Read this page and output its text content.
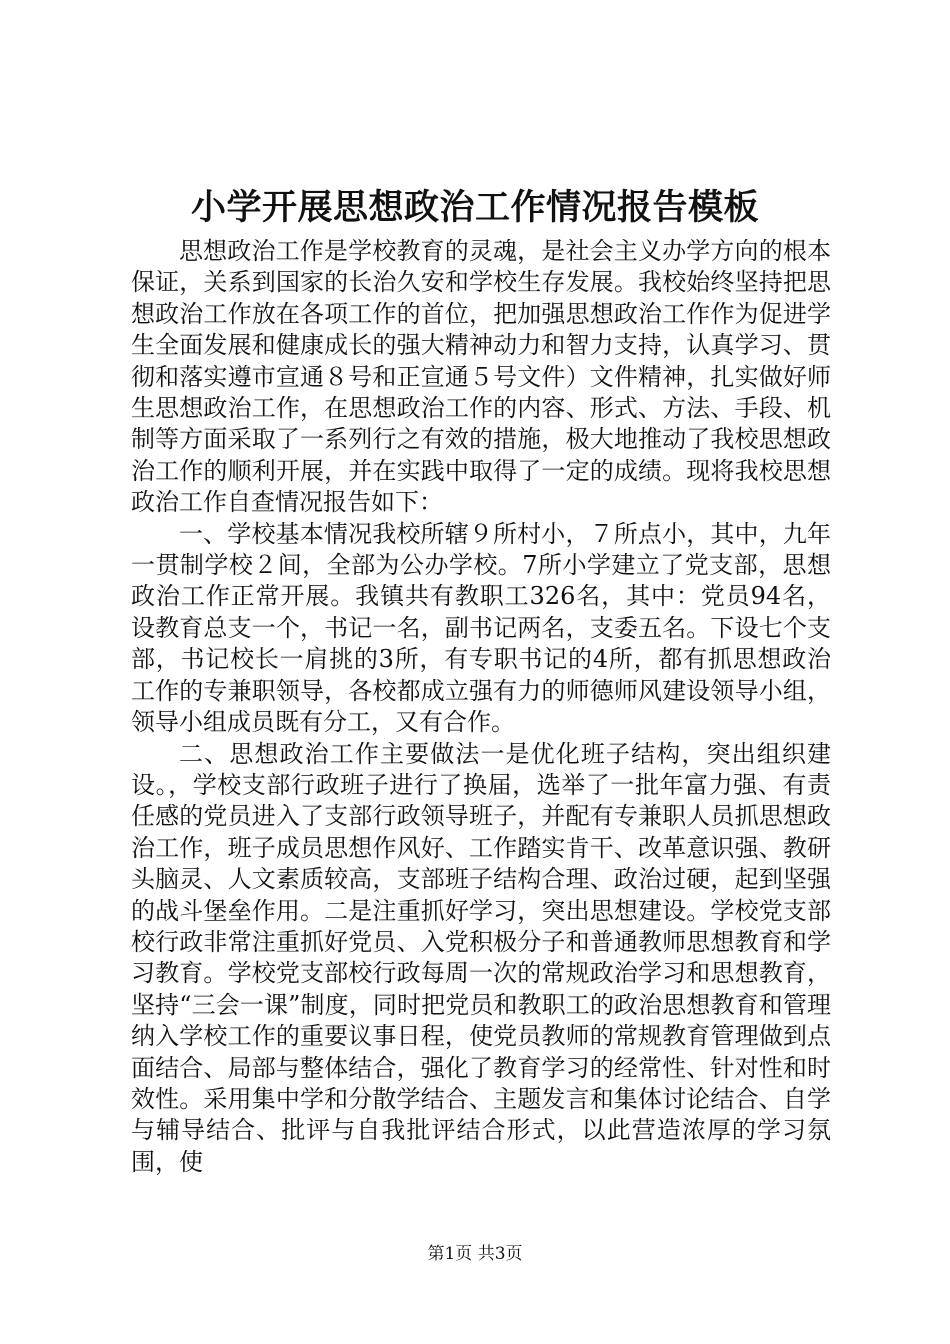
小学开展思想政治工作情况报告模板

思想政治工作是学校教育的灵魂，是社会主义办学方向的根本保证，关系到国家的长治久安和学校生存发展。我校始终坚持把思想政治工作放在各项工作的首位，把加强思想政治工作作为促进学生全面发展和健康成长的强大精神动力和智力支持，认真学习、贯彻和落实遵市宣通８号和正宣通５号文件）文件精神，扎实做好师生思想政治工作，在思想政治工作的内容、形式、方法、手段、机制等方面采取了一系列行之有效的措施，极大地推动了我校思想政治工作的顺利开展，并在实践中取得了一定的成绩。现将我校思想政治工作自查情况报告如下：

一、学校基本情况我校所辖９所村小，７所点小，其中，九年一贯制学校２间，全部为公办学校。7所小学建立了党支部，思想政治工作正常开展。我镇共有教职工326名，其中：党员94名，设教育总支一个，书记一名，副书记两名，支委五名。下设七个支部，书记校长一肩挑的3所，有专职书记的4所，都有抓思想政治工作的专兼职领导，各校都成立强有力的师德师风建设领导小组，领导小组成员既有分工，又有合作。

二、思想政治工作主要做法一是优化班子结构，突出组织建设。，学校支部行政班子进行了换届，选举了一批年富力强、有责任感的党员进入了支部行政领导班子，并配有专兼职人员抓思想政治工作，班子成员思想作风好、工作踏实肯干、改革意识强、教研头脑灵、人文素质较高，支部班子结构合理、政治过硬，起到坚强的战斗堡垒作用。二是注重抓好学习，突出思想建设。学校党支部校行政非常注重抓好党员、入党积极分子和普通教师思想教育和学习教育。学校党支部校行政每周一次的常规政治学习和思想教育，坚持“三会一课”制度，同时把党员和教职工的政治思想教育和管理纳入学校工作的重要议事日程，使党员教师的常规教育管理做到点面结合、局部与整体结合，强化了教育学习的经常性、针对性和时效性。采用集中学和分散学结合、主题发言和集体讨论结合、自学与辅导结合、批评与自我批评结合形式，以此营造浓厚的学习氛围，使

第1页 共3页
